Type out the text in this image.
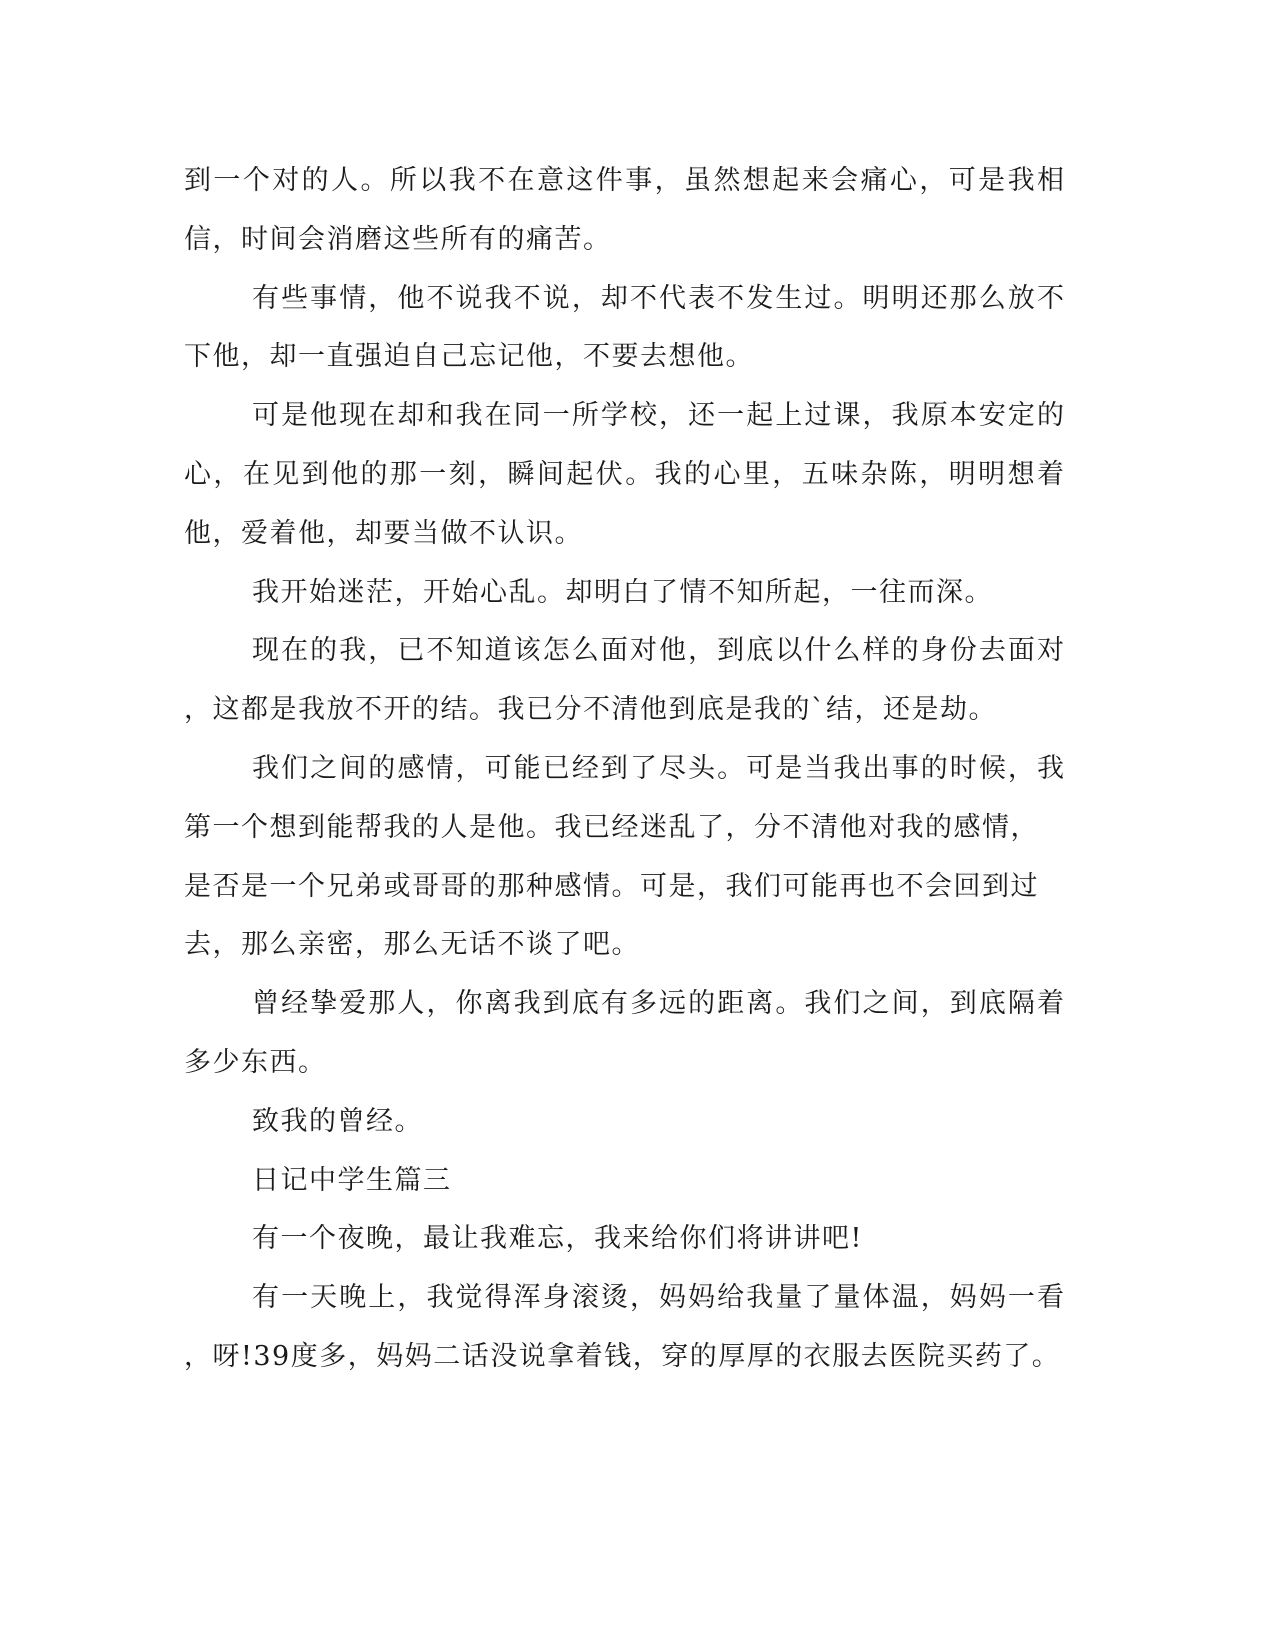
到一个对的人。所以我不在意这件事，虽然想起来会痛心，可是我相
信，时间会消磨这些所有的痛苦。
有些事情，他不说我不说，却不代表不发生过。明明还那么放不
下他，却一直强迫自己忘记他，不要去想他。
可是他现在却和我在同一所学校，还一起上过课，我原本安定的
心，在见到他的那一刻，瞬间起伏。我的心里，五味杂陈，明明想着
他，爱着他，却要当做不认识。
我开始迷茫，开始心乱。却明白了情不知所起，一往而深。
现在的我，已不知道该怎么面对他，到底以什么样的身份去面对
，这都是我放不开的结。我已分不清他到底是我的`结，还是劫。
我们之间的感情，可能已经到了尽头。可是当我出事的时候，我
第一个想到能帮我的人是他。我已经迷乱了，分不清他对我的感情，
是否是一个兄弟或哥哥的那种感情。可是，我们可能再也不会回到过
去，那么亲密，那么无话不谈了吧。
曾经挚爱那人，你离我到底有多远的距离。我们之间，到底隔着
多少东西。
致我的曾经。
日记中学生篇三
有一个夜晚，最让我难忘，我来给你们将讲讲吧!
有一天晚上，我觉得浑身滚烫，妈妈给我量了量体温，妈妈一看
，呀!39度多，妈妈二话没说拿着钱，穿的厚厚的衣服去医院买药了。
